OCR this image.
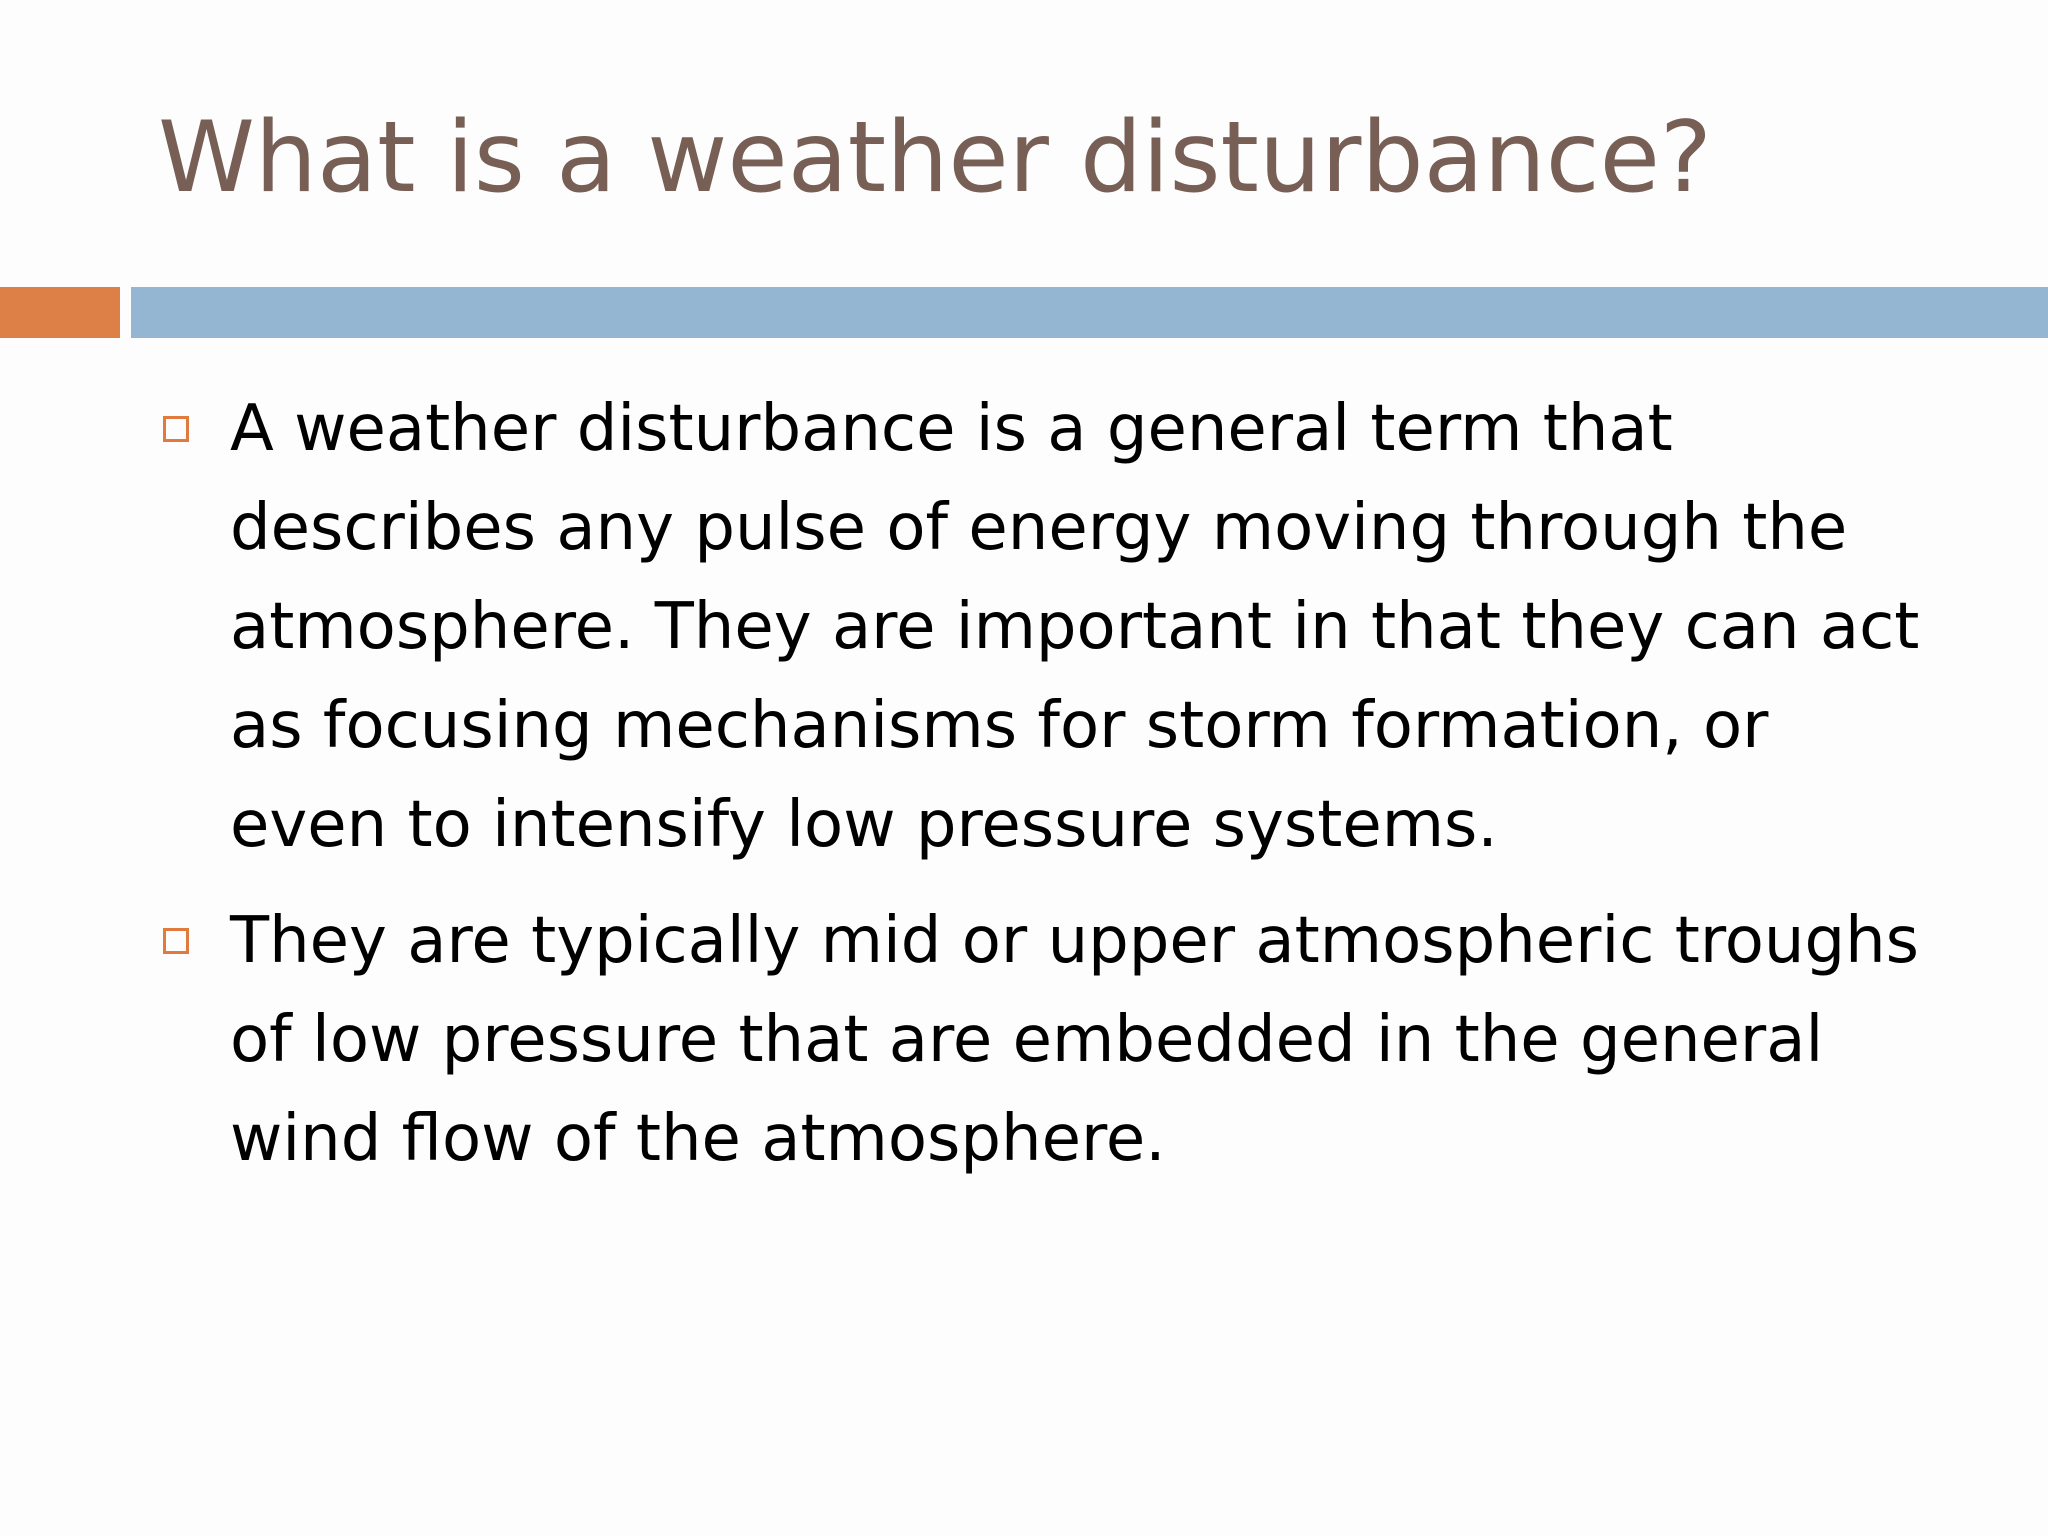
What is a weather disturbance?
A weather disturbance is a general term that describes any pulse of energy moving through the atmosphere. They are important in that they can act as focusing mechanisms for storm formation, or even to intensify low pressure systems.
They are typically mid or upper atmospheric troughs of low pressure that are embedded in the general wind flow of the atmosphere.
